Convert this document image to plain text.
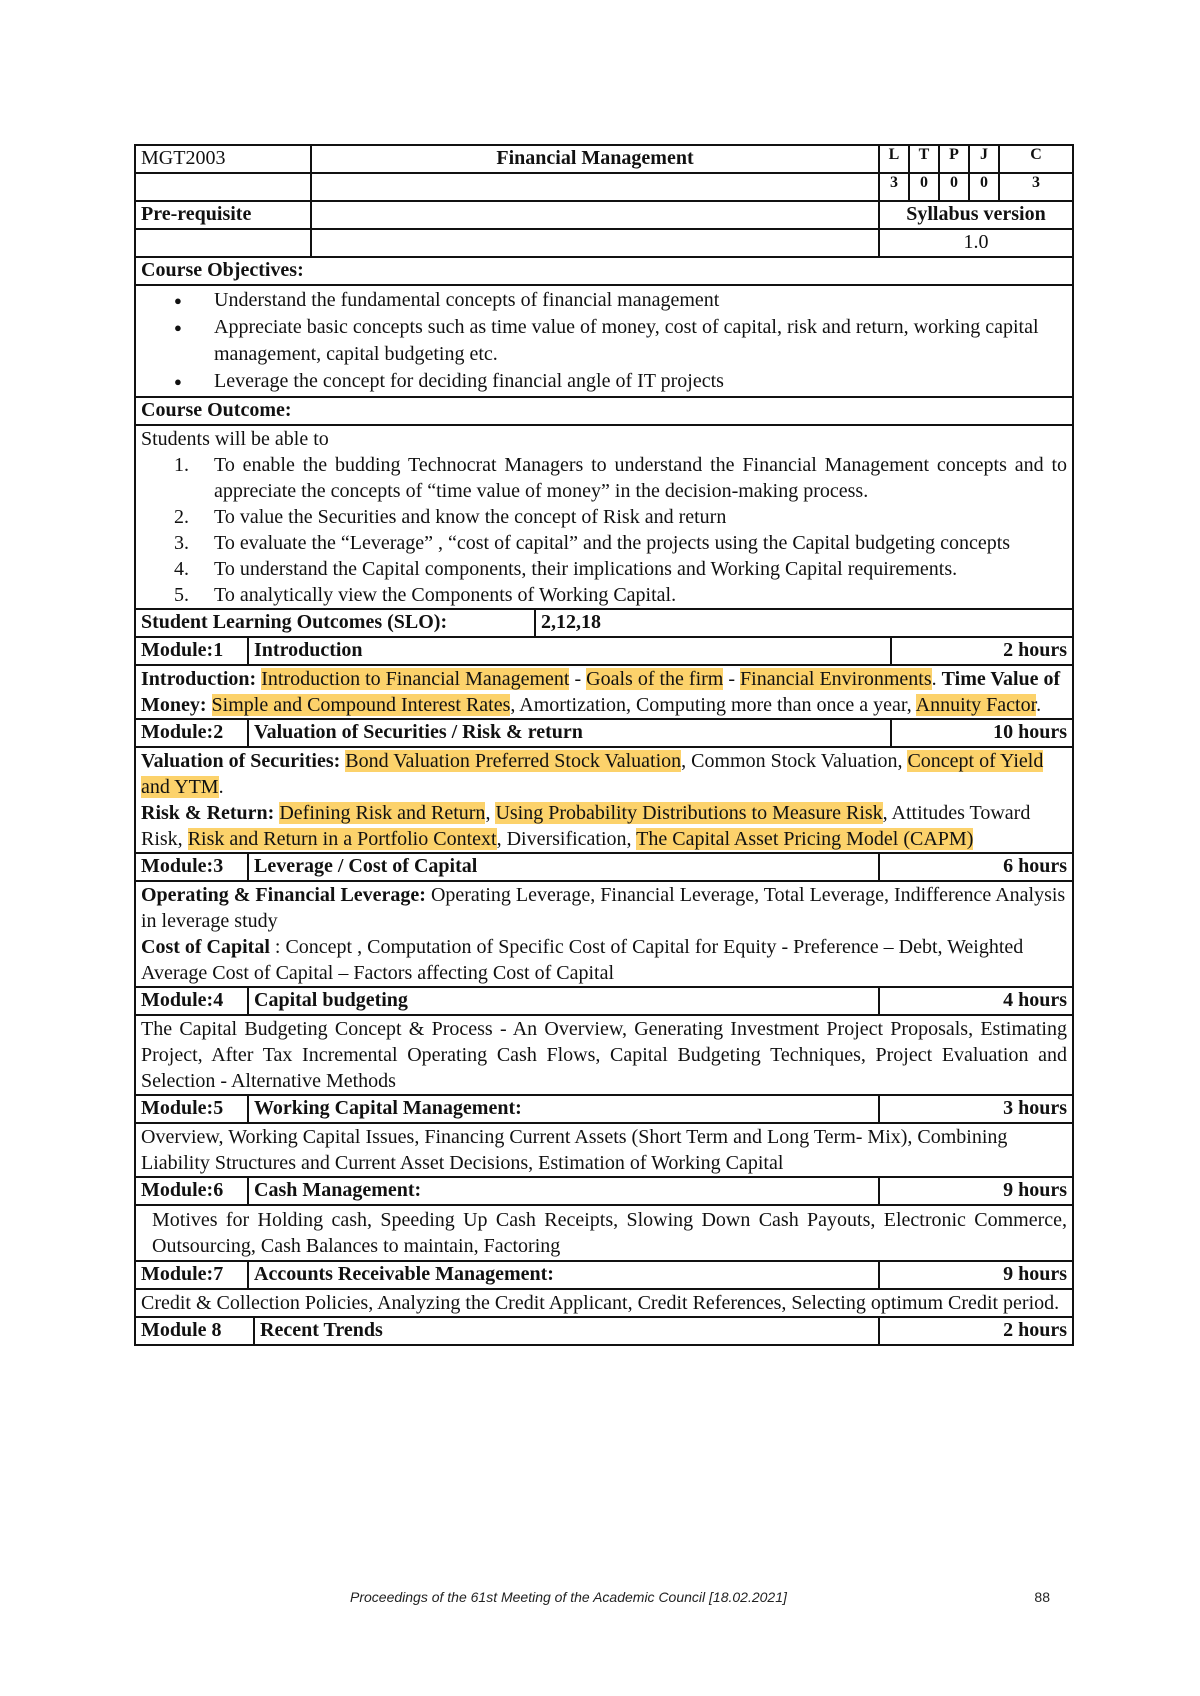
MGT2003	Financial Management	L	T	P	J	C
3	0	0	0	3
Pre-requisite	Syllabus version
1.0
Course Objectives:
● Understand the fundamental concepts of financial management
● Appreciate basic concepts such as time value of money, cost of capital, risk and return, working capital management, capital budgeting etc.
● Leverage the concept for deciding financial angle of IT projects
Course Outcome:
Students will be able to
1. To enable the budding Technocrat Managers to understand the Financial Management concepts and to appreciate the concepts of “time value of money” in the decision-making process.
2. To value the Securities and know the concept of Risk and return
3. To evaluate the “Leverage” , “cost of capital” and the projects using the Capital budgeting concepts
4. To understand the Capital components, their implications and Working Capital requirements.
5. To analytically view the Components of Working Capital.
Student Learning Outcomes (SLO):	2,12,18
Module:1	Introduction	2 hours
Introduction: Introduction to Financial Management - Goals of the firm - Financial Environments. Time Value of Money: Simple and Compound Interest Rates, Amortization, Computing more than once a year, Annuity Factor.
Module:2	Valuation of Securities / Risk & return	10 hours
Valuation of Securities: Bond Valuation Preferred Stock Valuation, Common Stock Valuation, Concept of Yield and YTM.
Risk & Return: Defining Risk and Return, Using Probability Distributions to Measure Risk, Attitudes Toward Risk, Risk and Return in a Portfolio Context, Diversification, The Capital Asset Pricing Model (CAPM)
Module:3	Leverage / Cost of Capital	6 hours
Operating & Financial Leverage: Operating Leverage, Financial Leverage, Total Leverage, Indifference Analysis in leverage study
Cost of Capital : Concept , Computation of Specific Cost of Capital for Equity - Preference – Debt, Weighted Average Cost of Capital – Factors affecting Cost of Capital
Module:4	Capital budgeting	4 hours
The Capital Budgeting Concept & Process - An Overview, Generating Investment Project Proposals, Estimating Project, After Tax Incremental Operating Cash Flows, Capital Budgeting Techniques, Project Evaluation and Selection - Alternative Methods
Module:5	Working Capital Management:	3 hours
Overview, Working Capital Issues, Financing Current Assets (Short Term and Long Term- Mix), Combining Liability Structures and Current Asset Decisions, Estimation of Working Capital
Module:6	Cash Management:	9 hours
Motives for Holding cash, Speeding Up Cash Receipts, Slowing Down Cash Payouts, Electronic Commerce, Outsourcing, Cash Balances to maintain, Factoring
Module:7	Accounts Receivable Management:	9 hours
Credit & Collection Policies, Analyzing the Credit Applicant, Credit References, Selecting optimum Credit period.
Module 8	Recent Trends	2 hours
Proceedings of the 61st Meeting of the Academic Council [18.02.2021]	88
